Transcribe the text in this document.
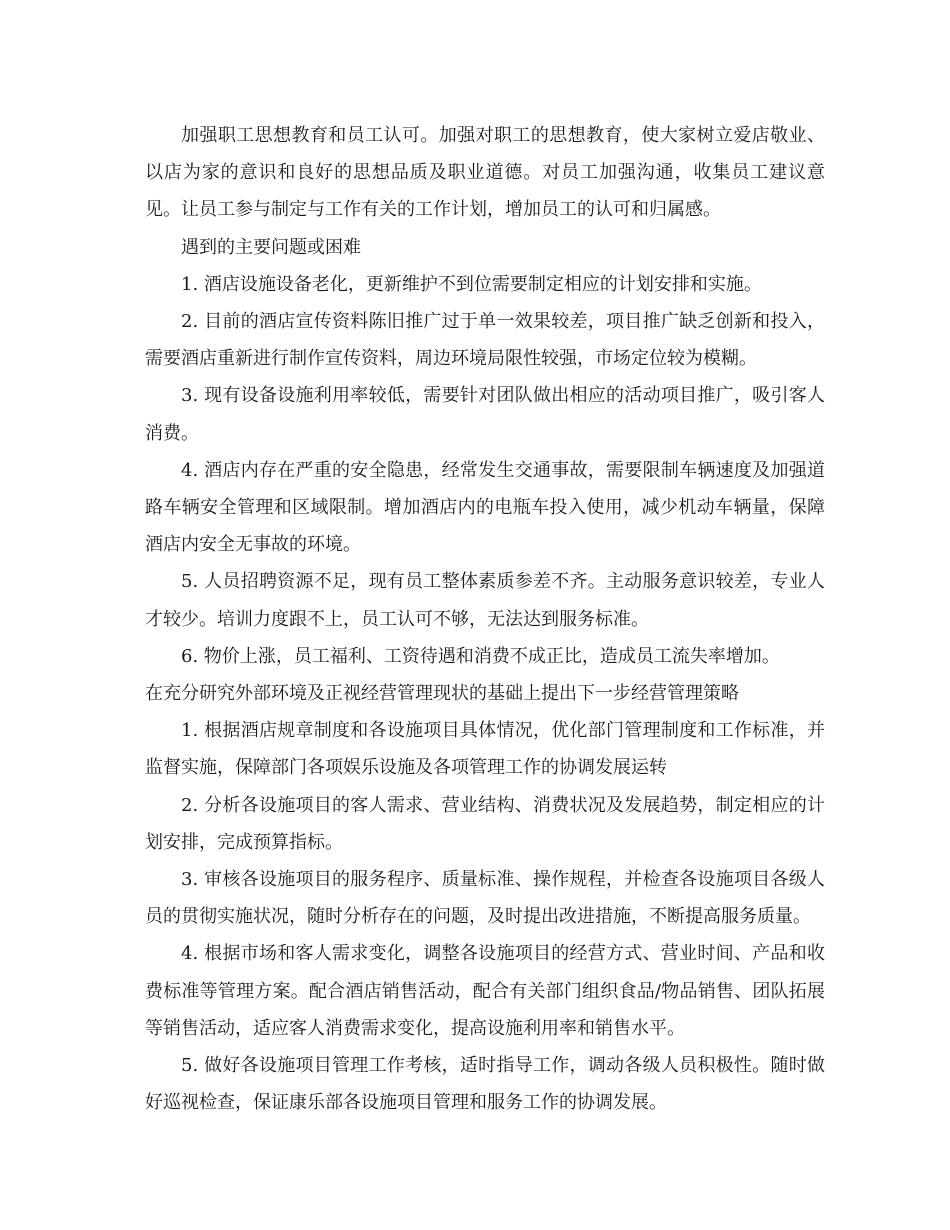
加强职工思想教育和员工认可。加强对职工的思想教育，使大家树立爱店敬业、以店为家的意识和良好的思想品质及职业道德。对员工加强沟通，收集员工建议意见。让员工参与制定与工作有关的工作计划，增加员工的认可和归属感。

遇到的主要问题或困难

1. 酒店设施设备老化，更新维护不到位需要制定相应的计划安排和实施。

2. 目前的酒店宣传资料陈旧推广过于单一效果较差，项目推广缺乏创新和投入，需要酒店重新进行制作宣传资料，周边环境局限性较强，市场定位较为模糊。

3. 现有设备设施利用率较低，需要针对团队做出相应的活动项目推广，吸引客人消费。

4. 酒店内存在严重的安全隐患，经常发生交通事故，需要限制车辆速度及加强道路车辆安全管理和区域限制。增加酒店内的电瓶车投入使用，减少机动车辆量，保障酒店内安全无事故的环境。

5. 人员招聘资源不足，现有员工整体素质参差不齐。主动服务意识较差，专业人才较少。培训力度跟不上，员工认可不够，无法达到服务标准。

6. 物价上涨，员工福利、工资待遇和消费不成正比，造成员工流失率增加。

在充分研究外部环境及正视经营管理现状的基础上提出下一步经营管理策略

1. 根据酒店规章制度和各设施项目具体情况，优化部门管理制度和工作标准，并监督实施，保障部门各项娱乐设施及各项管理工作的协调发展运转

2. 分析各设施项目的客人需求、营业结构、消费状况及发展趋势，制定相应的计划安排，完成预算指标。

3. 审核各设施项目的服务程序、质量标准、操作规程，并检查各设施项目各级人员的贯彻实施状况，随时分析存在的问题，及时提出改进措施，不断提高服务质量。

4. 根据市场和客人需求变化，调整各设施项目的经营方式、营业时间、产品和收费标准等管理方案。配合酒店销售活动，配合有关部门组织食品/物品销售、团队拓展等销售活动，适应客人消费需求变化，提高设施利用率和销售水平。

5. 做好各设施项目管理工作考核，适时指导工作，调动各级人员积极性。随时做好巡视检查，保证康乐部各设施项目管理和服务工作的协调发展。
